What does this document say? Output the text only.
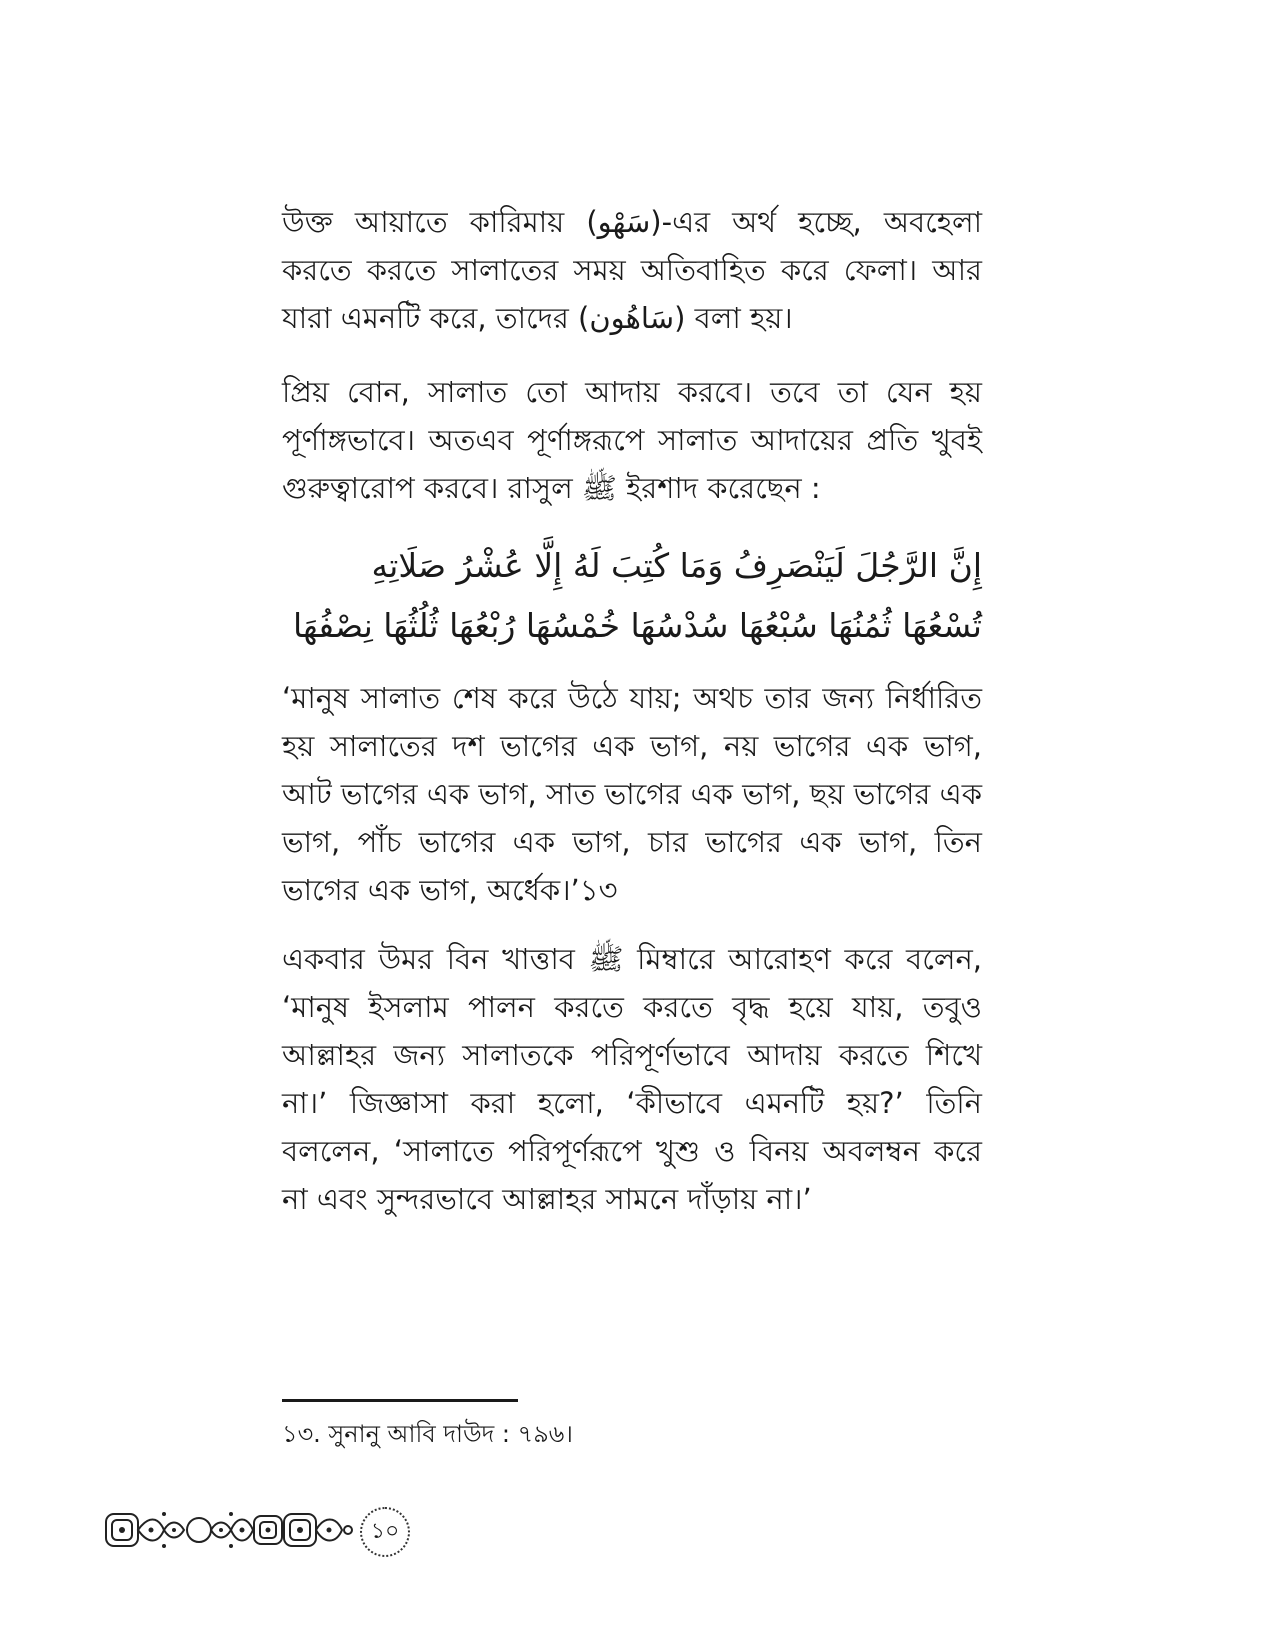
উক্ত আয়াতে কারিমায় (سَهْو)-এর অর্থ হচ্ছে, অবহেলা করতে করতে সালাতের সময় অতিবাহিত করে ফেলা। আর যারা এমনটি করে, তাদের (سَاهُون) বলা হয়।

প্রিয় বোন, সালাত তো আদায় করবে। তবে তা যেন হয় পূর্ণাঙ্গভাবে। অতএব পূর্ণাঙ্গরূপে সালাত আদায়ের প্রতি খুবই গুরুত্বারোপ করবে। রাসুল ﷺ ইরশাদ করেছেন :

إِنَّ الرَّجُلَ لَيَنْصَرِفُ وَمَا كُتِبَ لَهُ إِلَّا عُشْرُ صَلَاتِهِ تُسْعُهَا ثُمُنُهَا سُبْعُهَا سُدْسُهَا خُمْسُهَا رُبْعُهَا ثُلُثُهَا نِصْفُهَا

‘মানুষ সালাত শেষ করে উঠে যায়; অথচ তার জন্য নির্ধারিত হয় সালাতের দশ ভাগের এক ভাগ, নয় ভাগের এক ভাগ, আট ভাগের এক ভাগ, সাত ভাগের এক ভাগ, ছয় ভাগের এক ভাগ, পাঁচ ভাগের এক ভাগ, চার ভাগের এক ভাগ, তিন ভাগের এক ভাগ, অর্ধেক।’১৩

একবার উমর বিন খাত্তাব ﷺ মিম্বারে আরোহণ করে বলেন, ‘মানুষ ইসলাম পালন করতে করতে বৃদ্ধ হয়ে যায়, তবুও আল্লাহর জন্য সালাতকে পরিপূর্ণভাবে আদায় করতে শিখে না।’ জিজ্ঞাসা করা হলো, ‘কীভাবে এমনটি হয়?’ তিনি বললেন, ‘সালাতে পরিপূর্ণরূপে খুশু ও বিনয় অবলম্বন করে না এবং সুন্দরভাবে আল্লাহর সামনে দাঁড়ায় না।’

১৩. সুনানু আবি দাউদ : ৭৯৬।

১০
